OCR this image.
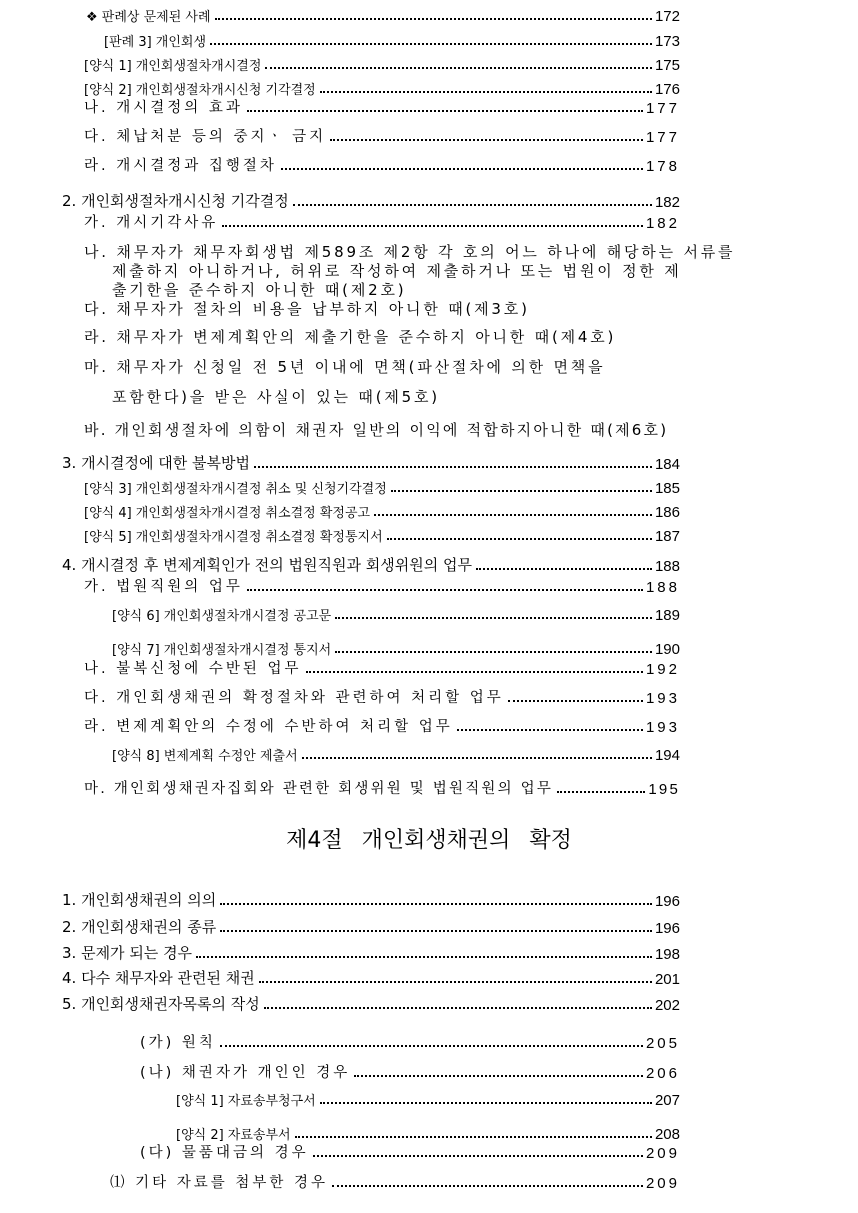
❖ 판례상 문제된 사례	172
[판례 3] 개인회생	173
[양식 1] 개인회생절차개시결정	175
[양식 2] 개인회생절차개시신청 기각결정	176
나. 개시결정의 효과	177
다. 체납처분 등의 중지ㆍ 금지	177
라. 개시결정과 집행절차	178
2. 개인회생절차개시신청 기각결정	182
가. 개시기각사유	182
나. 채무자가 채무자회생법 제589조 제2항 각 호의 어느 하나에 해당하는 서류를
제출하지 아니하거나, 허위로 작성하여 제출하거나 또는 법원이 정한 제
출기한을 준수하지 아니한 때(제2호)
다. 채무자가 절차의 비용을 납부하지 아니한 때(제3호)
라. 채무자가 변제계획안의 제출기한을 준수하지 아니한 때(제4호)
마. 채무자가 신청일 전 5년 이내에 면책(파산절차에 의한 면책을
포함한다)을 받은 사실이 있는 때(제5호)
바. 개인회생절차에 의함이 채권자 일반의 이익에 적합하지아니한 때(제6호)
3. 개시결정에 대한 불복방법	184
[양식 3] 개인회생절차개시결정 취소 및 신청기각결정	185
[양식 4] 개인회생절차개시결정 취소결정 확정공고	186
[양식 5] 개인회생절차개시결정 취소결정 확정통지서	187
4. 개시결정 후 변제계획인가 전의 법원직원과 회생위원의 업무	188
가. 법원직원의 업무	188
[양식 6] 개인회생절차개시결정 공고문	189
[양식 7] 개인회생절차개시결정 통지서	190
나. 불복신청에 수반된 업무	192
다. 개인회생채권의 확정절차와 관련하여 처리할 업무	193
라. 변제계획안의 수정에 수반하여 처리할 업무	193
[양식 8] 변제계획 수정안 제출서	194
마. 개인회생채권자집회와 관련한 회생위원 및 법원직원의 업무	195
제4절 개인회생채권의 확정
1. 개인회생채권의 의의	196
2. 개인회생채권의 종류	196
3. 문제가 되는 경우	198
4. 다수 채무자와 관련된 채권	201
5. 개인회생채권자목록의 작성	202
(가) 원칙	205
(나) 채권자가 개인인 경우	206
[양식 1] 자료송부청구서	207
[양식 2] 자료송부서	208
(다) 물품대금의 경우	209
⑴ 기타 자료를 첨부한 경우	209
